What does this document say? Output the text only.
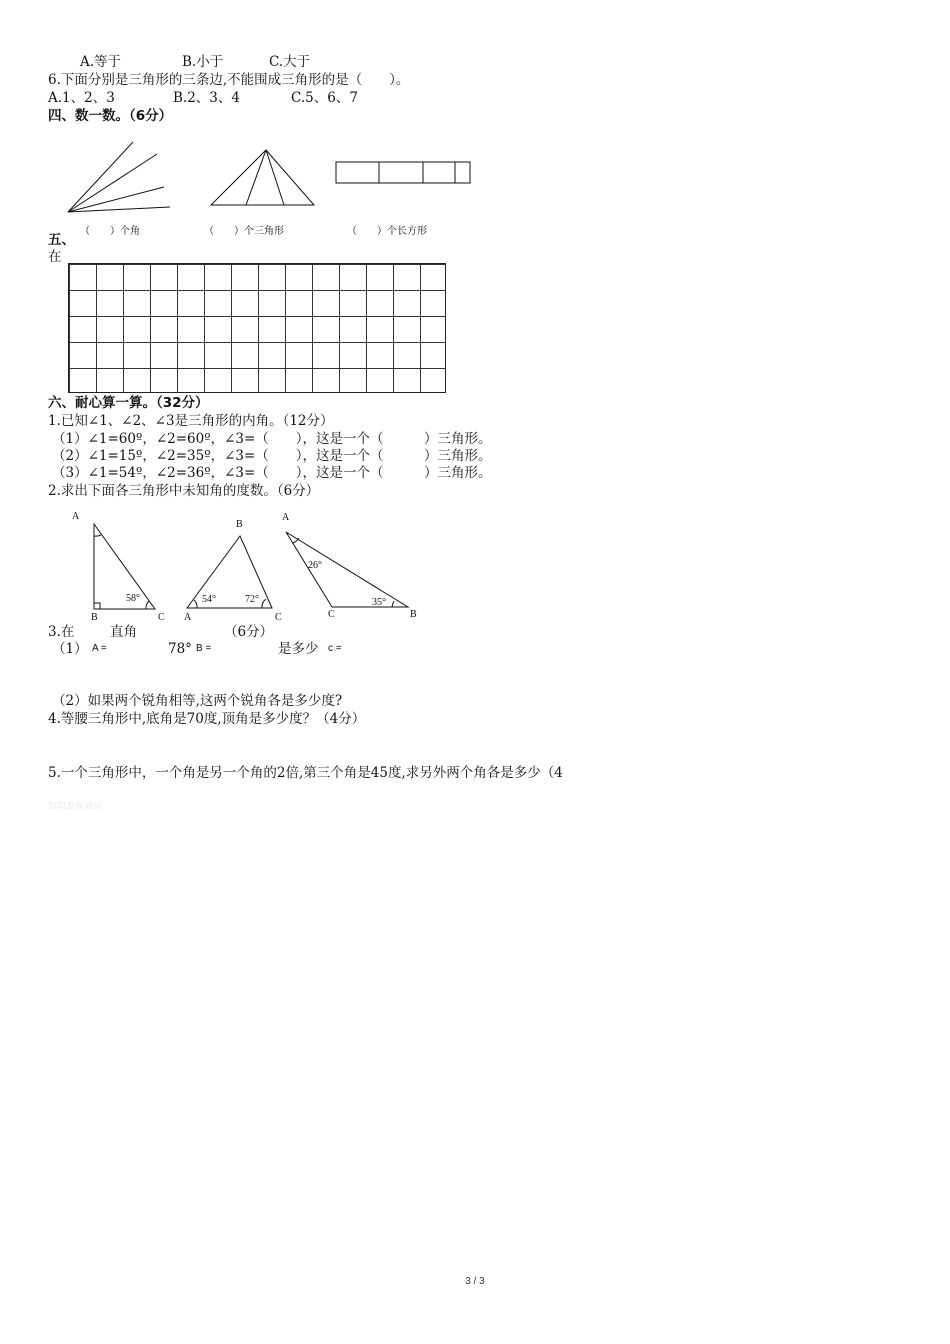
A.等于	B.小于	C.大于
6.下面分别是三角形的三条边,不能围成三角形的是（　　）。
A.1、2、3	B.2、3、4	C.5、6、7
四、数一数。（6分）
（　　）个角	（　　）个三角形	（　　）个长方形
五、
在
六、耐心算一算。（32分）
1.已知∠1、∠2、∠3是三角形的内角。（12分）
（1）∠1=60º，∠2=60º，∠3=（　　），这是一个（　　　）三角形。
（2）∠1=15º，∠2=35º，∠3=（　　），这是一个（　　　）三角形。
（3）∠1=54º，∠2=36º，∠3=（　　），这是一个（　　　）三角形。
2.求出下面各三角形中未知角的度数。（6分）
A
B	C
58°
B
A	C
54°	72°
A
C	B
26°
35°
3.在	直角	（6分）
（1） A =	78° B =	是多少 c =
（2）如果两个锐角相等,这两个锐角各是多少度?
4.等腰三角形中,底角是70度,顶角是多少度？（4分）
5.一个三角形中，一个角是另一个角的2倍,第三个角是45度,求另外两个角各是多少（4
知识改变命运
3 / 3
